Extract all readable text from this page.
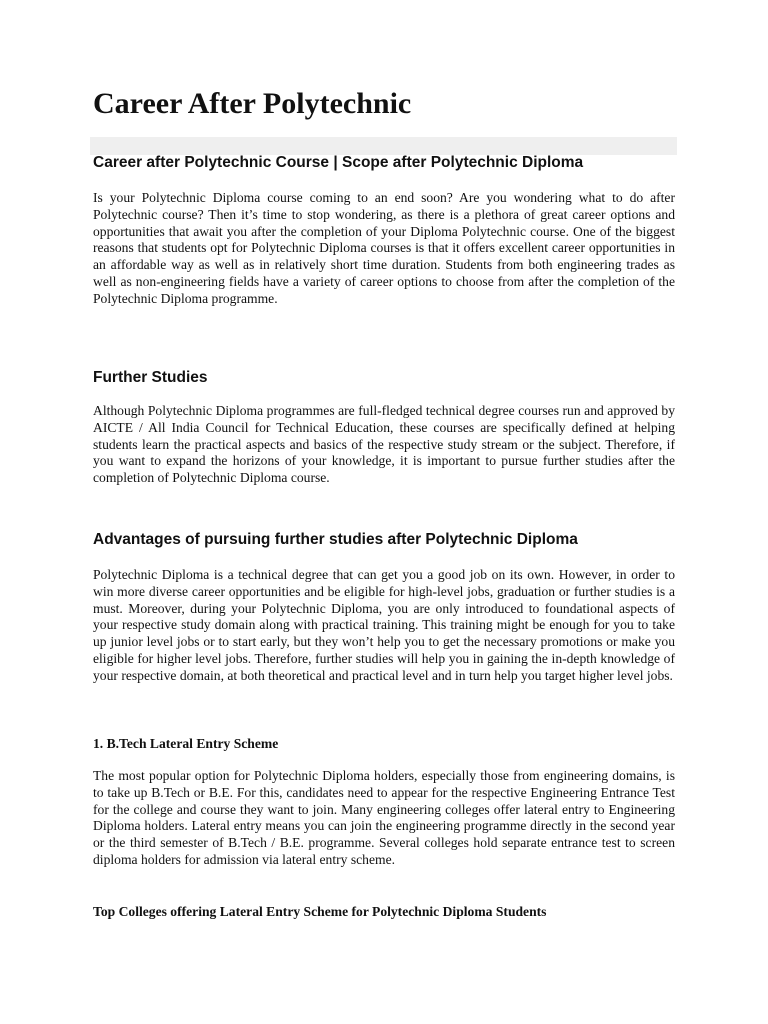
Career After Polytechnic
Career after Polytechnic Course | Scope after Polytechnic Diploma

Is your Polytechnic Diploma course coming to an end soon? Are you wondering what to do after Polytechnic course? Then it’s time to stop wondering, as there is a plethora of great career options and opportunities that await you after the completion of your Diploma Polytechnic course. One of the biggest reasons that students opt for Polytechnic Diploma courses is that it offers excellent career opportunities in an affordable way as well as in relatively short time duration. Students from both engineering trades as well as non-engineering fields have a variety of career options to choose from after the completion of the Polytechnic Diploma programme.

Further Studies

Although Polytechnic Diploma programmes are full-fledged technical degree courses run and approved by AICTE / All India Council for Technical Education, these courses are specifically defined at helping students learn the practical aspects and basics of the respective study stream or the subject. Therefore, if you want to expand the horizons of your knowledge, it is important to pursue further studies after the completion of Polytechnic Diploma course.

Advantages of pursuing further studies after Polytechnic Diploma

Polytechnic Diploma is a technical degree that can get you a good job on its own. However, in order to win more diverse career opportunities and be eligible for high-level jobs, graduation or further studies is a must. Moreover, during your Polytechnic Diploma, you are only introduced to foundational aspects of your respective study domain along with practical training. This training might be enough for you to take up junior level jobs or to start early, but they won’t help you to get the necessary promotions or make you eligible for higher level jobs. Therefore, further studies will help you in gaining the in-depth knowledge of your respective domain, at both theoretical and practical level and in turn help you target higher level jobs.

1. B.Tech Lateral Entry Scheme

The most popular option for Polytechnic Diploma holders, especially those from engineering domains, is to take up B.Tech or B.E. For this, candidates need to appear for the respective Engineering Entrance Test for the college and course they want to join. Many engineering colleges offer lateral entry to Engineering Diploma holders. Lateral entry means you can join the engineering programme directly in the second year or the third semester of B.Tech / B.E. programme. Several colleges hold separate entrance test to screen diploma holders for admission via lateral entry scheme.

Top Colleges offering Lateral Entry Scheme for Polytechnic Diploma Students
